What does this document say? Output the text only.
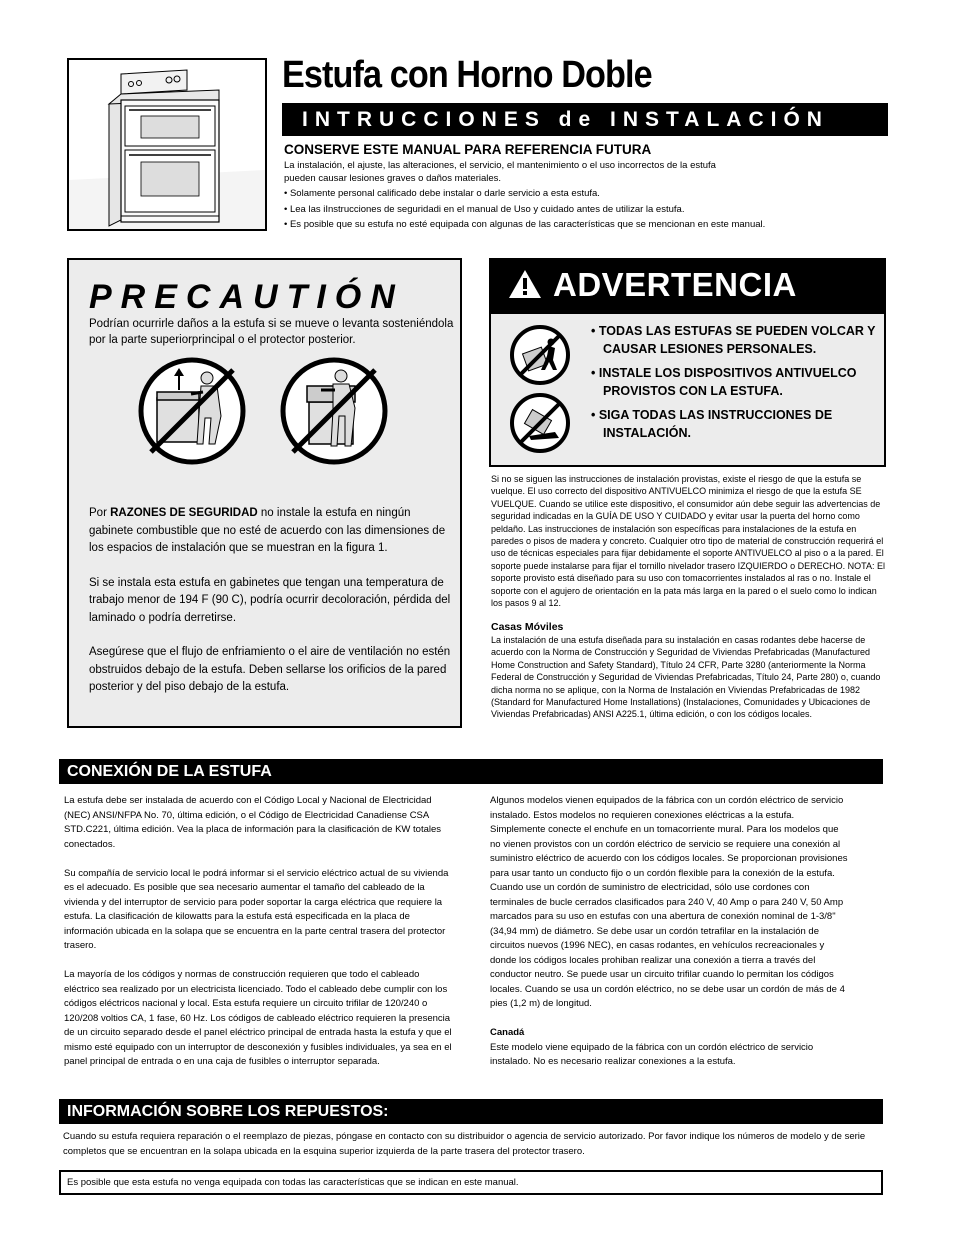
Estufa con Horno Doble
INTRUCCIONES de INSTALACIÓN
CONSERVE ESTE MANUAL PARA REFERENCIA FUTURA

La instalación, el ajuste, las alteraciones, el servicio, el mantenimiento o el uso incorrectos de la estufa

pueden causar lesiones graves o daños materiales.

• Solamente personal calificado debe instalar o darle servicio a esta estufa.

• Lea las iInstrucciones de seguridadi en el manual de Uso y cuidado antes de utilizar la estufa.

• Es posible que su estufa no esté equipada con algunas de las características que se mencionan en este manual.

PRECAUTIÓN
Podrían ocurrirle daños a la estufa si se mueve o levanta sosteniéndola por la parte superiorprincipal o el protector posterior.

Por RAZONES DE SEGURIDAD no instale la estufa en ningún gabinete combustible que no esté de acuerdo con las dimensiones de los espacios de instalación que se muestran en la figura 1.

Si se instala esta estufa en gabinetes que tengan una temperatura de trabajo menor de 194 F (90 C), podría ocurrir decoloración, pérdida del laminado o podría derretirse.

Asegúrese que el flujo de enfriamiento o el aire de ventilación no estén obstruidos debajo de la estufa. Deben sellarse los orificios de la pared posterior y del piso debajo de la estufa.

ADVERTENCIA
• TODAS LAS ESTUFAS SE PUEDEN VOLCAR Y CAUSAR LESIONES PERSONALES.
• INSTALE LOS DISPOSITIVOS ANTIVUELCO PROVISTOS CON LA ESTUFA.
• SIGA TODAS LAS INSTRUCCIONES DE INSTALACIÓN.

Si no se siguen las instrucciones de instalación provistas, existe el riesgo de que la estufa se vuelque. El uso correcto del dispositivo ANTIVUELCO minimiza el riesgo de que la estufa SE VUELQUE. Cuando se utilice este dispositivo, el consumidor aún debe seguir las advertencias de seguridad indicadas en la GUÍA DE USO Y CUIDADO y evitar usar la puerta del horno como peldaño. Las instrucciones de instalación son específicas para instalaciones de la estufa en paredes o pisos de madera y concreto. Cualquier otro tipo de material de construcción requerirá el uso de técnicas especiales para fijar debidamente el soporte ANTIVUELCO al piso o a la pared. El soporte puede instalarse para fijar el tornillo nivelador trasero IZQUIERDO o DERECHO. NOTA: El soporte provisto está diseñado para su uso con tomacorrientes instalados al ras o no. Instale el soporte con el agujero de orientación en la pata más larga en la pared o el suelo como lo indican los pasos 9 al 12.

Casas Móviles

La instalación de una estufa diseñada para su instalación en casas rodantes debe hacerse de acuerdo con la Norma de Construcción y Seguridad de Viviendas Prefabricadas (Manufactured Home Construction and Safety Standard), Título 24 CFR, Parte 3280 (anteriormente la Norma Federal de Construcción y Seguridad de Viviendas Prefabricadas, Título 24, Parte 280) o, cuando dicha norma no se aplique, con la Norma de Instalación en Viviendas Prefabricadas de 1982 (Standard for Manufactured Home Installations) (Instalaciones, Comunidades y Ubicaciones de Viviendas Prefabricadas) ANSI A225.1, última edición, o con los códigos locales.

CONEXIÓN DE LA ESTUFA

La estufa debe ser instalada de acuerdo con el Código Local y Nacional de Electricidad (NEC) ANSI/NFPA No. 70, última edición, o el Código de Electricidad Canadiense CSA STD.C221, última edición. Vea la placa de información para la clasificación de KW totales conectados.

Su compañía de servicio local le podrá informar si el servicio eléctrico actual de su vivienda es el adecuado. Es posible que sea necesario aumentar el tamaño del cableado de la vivienda y del interruptor de servicio para poder soportar la carga eléctrica que requiere la estufa. La clasificación de kilowatts para la estufa está especificada en la placa de información ubicada en la solapa que se encuentra en la parte central trasera del protector trasero.

La mayoría de los códigos y normas de construcción requieren que todo el cableado eléctrico sea realizado por un electricista licenciado. Todo el cableado debe cumplir con los códigos eléctricos nacional y local. Esta estufa requiere un circuito trifilar de 120/240 o 120/208 voltios CA, 1 fase, 60 Hz. Los códigos de cableado eléctrico requieren la presencia de un circuito separado desde el panel eléctrico principal de entrada hasta la estufa y que el mismo esté equipado con un interruptor de desconexión y fusibles individuales, ya sea en el panel principal de entrada o en una caja de fusibles o interruptor separada.

Algunos modelos vienen equipados de la fábrica con un cordón eléctrico de servicio instalado. Estos modelos no requieren conexiones eléctricas a la estufa. Simplemente conecte el enchufe en un tomacorriente mural. Para los modelos que no vienen provistos con un cordón eléctrico de servicio se requiere una conexión al suministro eléctrico de acuerdo con los códigos locales. Se proporcionan provisiones para usar tanto un conducto fijo o un cordón flexible para la conexión de la estufa. Cuando use un cordón de suministro de electricidad, sólo use cordones con terminales de bucle cerrados clasificados para 240 V, 40 Amp o para 240 V, 50 Amp marcados para su uso en estufas con una abertura de conexión nominal de 1-3/8" (34,94 mm) de diámetro. Se debe usar un cordón tetrafilar en la instalación de circuitos nuevos (1996 NEC), en casas rodantes, en vehículos recreacionales y donde los códigos locales prohiban realizar una conexión a tierra a través del conductor neutro. Se puede usar un circuito trifilar cuando lo permitan los códigos locales. Cuando se usa un cordón eléctrico, no se debe usar un cordón de más de 4 pies (1,2 m) de longitud.

Canadá

Este modelo viene equipado de la fábrica con un cordón eléctrico de servicio instalado. No es necesario realizar conexiones a la estufa.

INFORMACIÓN SOBRE LOS REPUESTOS:
Cuando su estufa requiera reparación o el reemplazo de piezas, póngase en contacto con su distribuidor o agencia de servicio autorizado. Por favor indique los números de modelo y de serie completos que se encuentran en la solapa ubicada en la esquina superior izquierda de la parte trasera del protector trasero.
Es posible que esta estufa no venga equipada con todas las características que se indican en este manual.
